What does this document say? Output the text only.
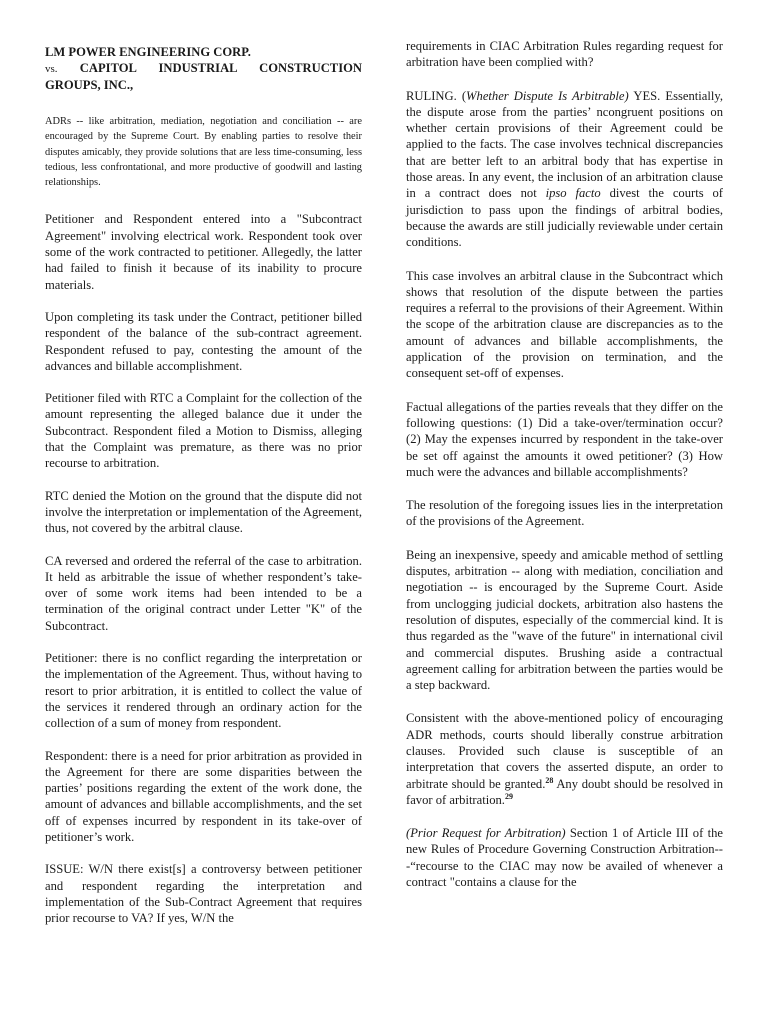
LM POWER ENGINEERING CORP.
vs. CAPITOL INDUSTRIAL CONSTRUCTION GROUPS, INC.,

ADRs -- like arbitration, mediation, negotiation and conciliation -- are encouraged by the Supreme Court. By enabling parties to resolve their disputes amicably, they provide solutions that are less time-consuming, less tedious, less confrontational, and more productive of goodwill and lasting relationships.

Petitioner and Respondent entered into a "Subcontract Agreement" involving electrical work. Respondent took over some of the work contracted to petitioner. Allegedly, the latter had failed to finish it because of its inability to procure materials.

Upon completing its task under the Contract, petitioner billed respondent of the balance of the sub-contract agreement. Respondent refused to pay, contesting the amount of the advances and billable accomplishment.

Petitioner filed with RTC a Complaint for the collection of the amount representing the alleged balance due it under the Subcontract. Respondent filed a Motion to Dismiss, alleging that the Complaint was premature, as there was no prior recourse to arbitration.

RTC denied the Motion on the ground that the dispute did not involve the interpretation or implementation of the Agreement, thus, not covered by the arbitral clause.

CA reversed and ordered the referral of the case to arbitration. It held as arbitrable the issue of whether respondent’s take-over of some work items had been intended to be a termination of the original contract under Letter "K" of the Subcontract.

Petitioner: there is no conflict regarding the interpretation or the implementation of the Agreement. Thus, without having to resort to prior arbitration, it is entitled to collect the value of the services it rendered through an ordinary action for the collection of a sum of money from respondent.

Respondent: there is a need for prior arbitration as provided in the Agreement for there are some disparities between the parties’ positions regarding the extent of the work done, the amount of advances and billable accomplishments, and the set off of expenses incurred by respondent in its take-over of petitioner’s work.

ISSUE: W/N there exist[s] a controversy between petitioner and respondent regarding the interpretation and implementation of the Sub-Contract Agreement that requires prior recourse to VA? If yes, W/N the

requirements in CIAC Arbitration Rules regarding request for arbitration have been complied with?

RULING. (Whether Dispute Is Arbitrable) YES. Essentially, the dispute arose from the parties’ ncongruent positions on whether certain provisions of their Agreement could be applied to the facts. The case involves technical discrepancies that are better left to an arbitral body that has expertise in those areas. In any event, the inclusion of an arbitration clause in a contract does not ipso facto divest the courts of jurisdiction to pass upon the findings of arbitral bodies, because the awards are still judicially reviewable under certain conditions.

This case involves an arbitral clause in the Subcontract which shows that resolution of the dispute between the parties requires a referral to the provisions of their Agreement. Within the scope of the arbitration clause are discrepancies as to the amount of advances and billable accomplishments, the application of the provision on termination, and the consequent set-off of expenses.

Factual allegations of the parties reveals that they differ on the following questions: (1) Did a take-over/termination occur? (2) May the expenses incurred by respondent in the take-over be set off against the amounts it owed petitioner? (3) How much were the advances and billable accomplishments?

The resolution of the foregoing issues lies in the interpretation of the provisions of the Agreement.

Being an inexpensive, speedy and amicable method of settling disputes, arbitration -- along with mediation, conciliation and negotiation -- is encouraged by the Supreme Court. Aside from unclogging judicial dockets, arbitration also hastens the resolution of disputes, especially of the commercial kind. It is thus regarded as the "wave of the future" in international civil and commercial disputes. Brushing aside a contractual agreement calling for arbitration between the parties would be a step backward.

Consistent with the above-mentioned policy of encouraging ADR methods, courts should liberally construe arbitration clauses. Provided such clause is susceptible of an interpretation that covers the asserted dispute, an order to arbitrate should be granted.$^{28}$ Any doubt should be resolved in favor of arbitration.$^{29}$

(Prior Request for Arbitration) Section 1 of Article III of the new Rules of Procedure Governing Construction Arbitration---“recourse to the CIAC may now be availed of whenever a contract "contains a clause for the
